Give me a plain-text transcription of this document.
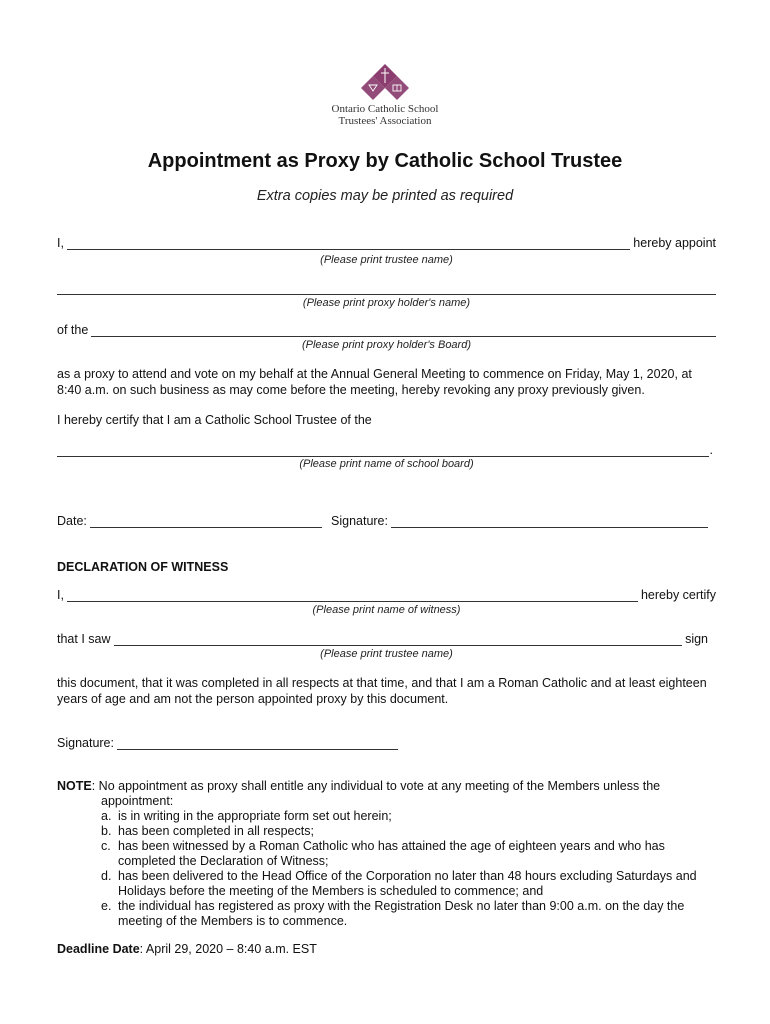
Ontario Catholic School
Trustees' Association
Appointment as Proxy by Catholic School Trustee
Extra copies may be printed as required
I,	hereby appoint
(Please print trustee name)
(Please print proxy holder's name)
of the
(Please print proxy holder's Board)
as a proxy to attend and vote on my behalf at the Annual General Meeting to commence on Friday, May 1, 2020, at 8:40 a.m. on such business as may come before the meeting, hereby revoking any proxy previously given.
I hereby certify that I am a Catholic School Trustee of the
.
(Please print name of school board)
Date:	Signature:
DECLARATION OF WITNESS
I,	hereby certify
(Please print name of witness)
that I saw	sign
(Please print trustee name)
this document, that it was completed in all respects at that time, and that I am a Roman Catholic and at least eighteen years of age and am not the person appointed proxy by this document.
Signature:
NOTE: No appointment as proxy shall entitle any individual to vote at any meeting of the Members unless the appointment:
a. is in writing in the appropriate form set out herein;
b. has been completed in all respects;
c. has been witnessed by a Roman Catholic who has attained the age of eighteen years and who has completed the Declaration of Witness;
d. has been delivered to the Head Office of the Corporation no later than 48 hours excluding Saturdays and Holidays before the meeting of the Members is scheduled to commence; and
e. the individual has registered as proxy with the Registration Desk no later than 9:00 a.m. on the day the meeting of the Members is to commence.
Deadline Date: April 29, 2020 – 8:40 a.m. EST
